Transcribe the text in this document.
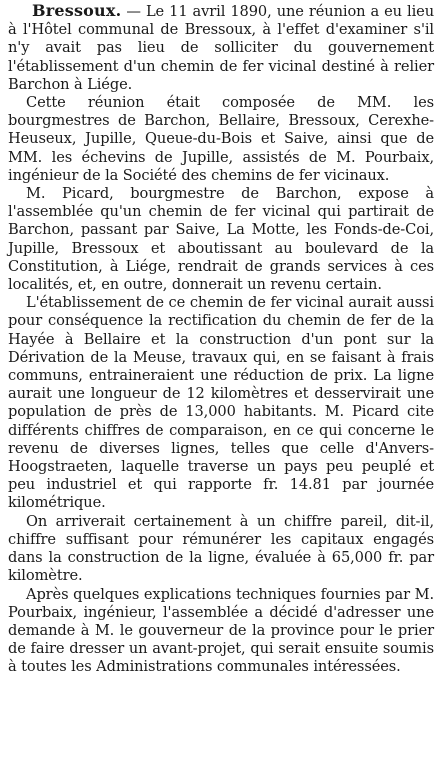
Bressoux. — Le 11 avril 1890, une réunion a eu lieu à l'Hôtel communal de Bressoux, à l'effet d'examiner s'il n'y avait pas lieu de solliciter du gouvernement l'établissement d'un chemin de fer vicinal destiné à relier Barchon à Liége.

Cette réunion était composée de MM. les bourgmestres de Barchon, Bellaire, Bressoux, Cerexhe-Heuseux, Jupille, Queue-du-Bois et Saive, ainsi que de MM. les échevins de Jupille, assistés de M. Pourbaix, ingénieur de la Société des chemins de fer vicinaux.

M. Picard, bourgmestre de Barchon, expose à l'assemblée qu'un chemin de fer vicinal qui partirait de Barchon, passant par Saive, La Motte, les Fonds-de-Coi, Jupille, Bressoux et aboutissant au boulevard de la Constitution, à Liége, rendrait de grands services à ces localités, et, en outre, donnerait un revenu certain.

L'établissement de ce chemin de fer vicinal aurait aussi pour conséquence la rectification du chemin de fer de la Hayée à Bellaire et la construction d'un pont sur la Dérivation de la Meuse, travaux qui, en se faisant à frais communs, entraineraient une réduction de prix. La ligne aurait une longueur de 12 kilomètres et desservirait une population de près de 13,000 habitants. M. Picard cite différents chiffres de comparaison, en ce qui concerne le revenu de diverses lignes, telles que celle d'Anvers-Hoogstraeten, laquelle traverse un pays peu peuplé et peu industriel et qui rapporte fr. 14.81 par journée kilométrique.

On arriverait certainement à un chiffre pareil, dit-il, chiffre suffisant pour rémunérer les capitaux engagés dans la construction de la ligne, évaluée à 65,000 fr. par kilomètre.

Après quelques explications techniques fournies par M. Pourbaix, ingénieur, l'assemblée a décidé d'adresser une demande à M. le gouverneur de la province pour le prier de faire dresser un avant-projet, qui serait ensuite soumis à toutes les Administrations communales intéressées.
